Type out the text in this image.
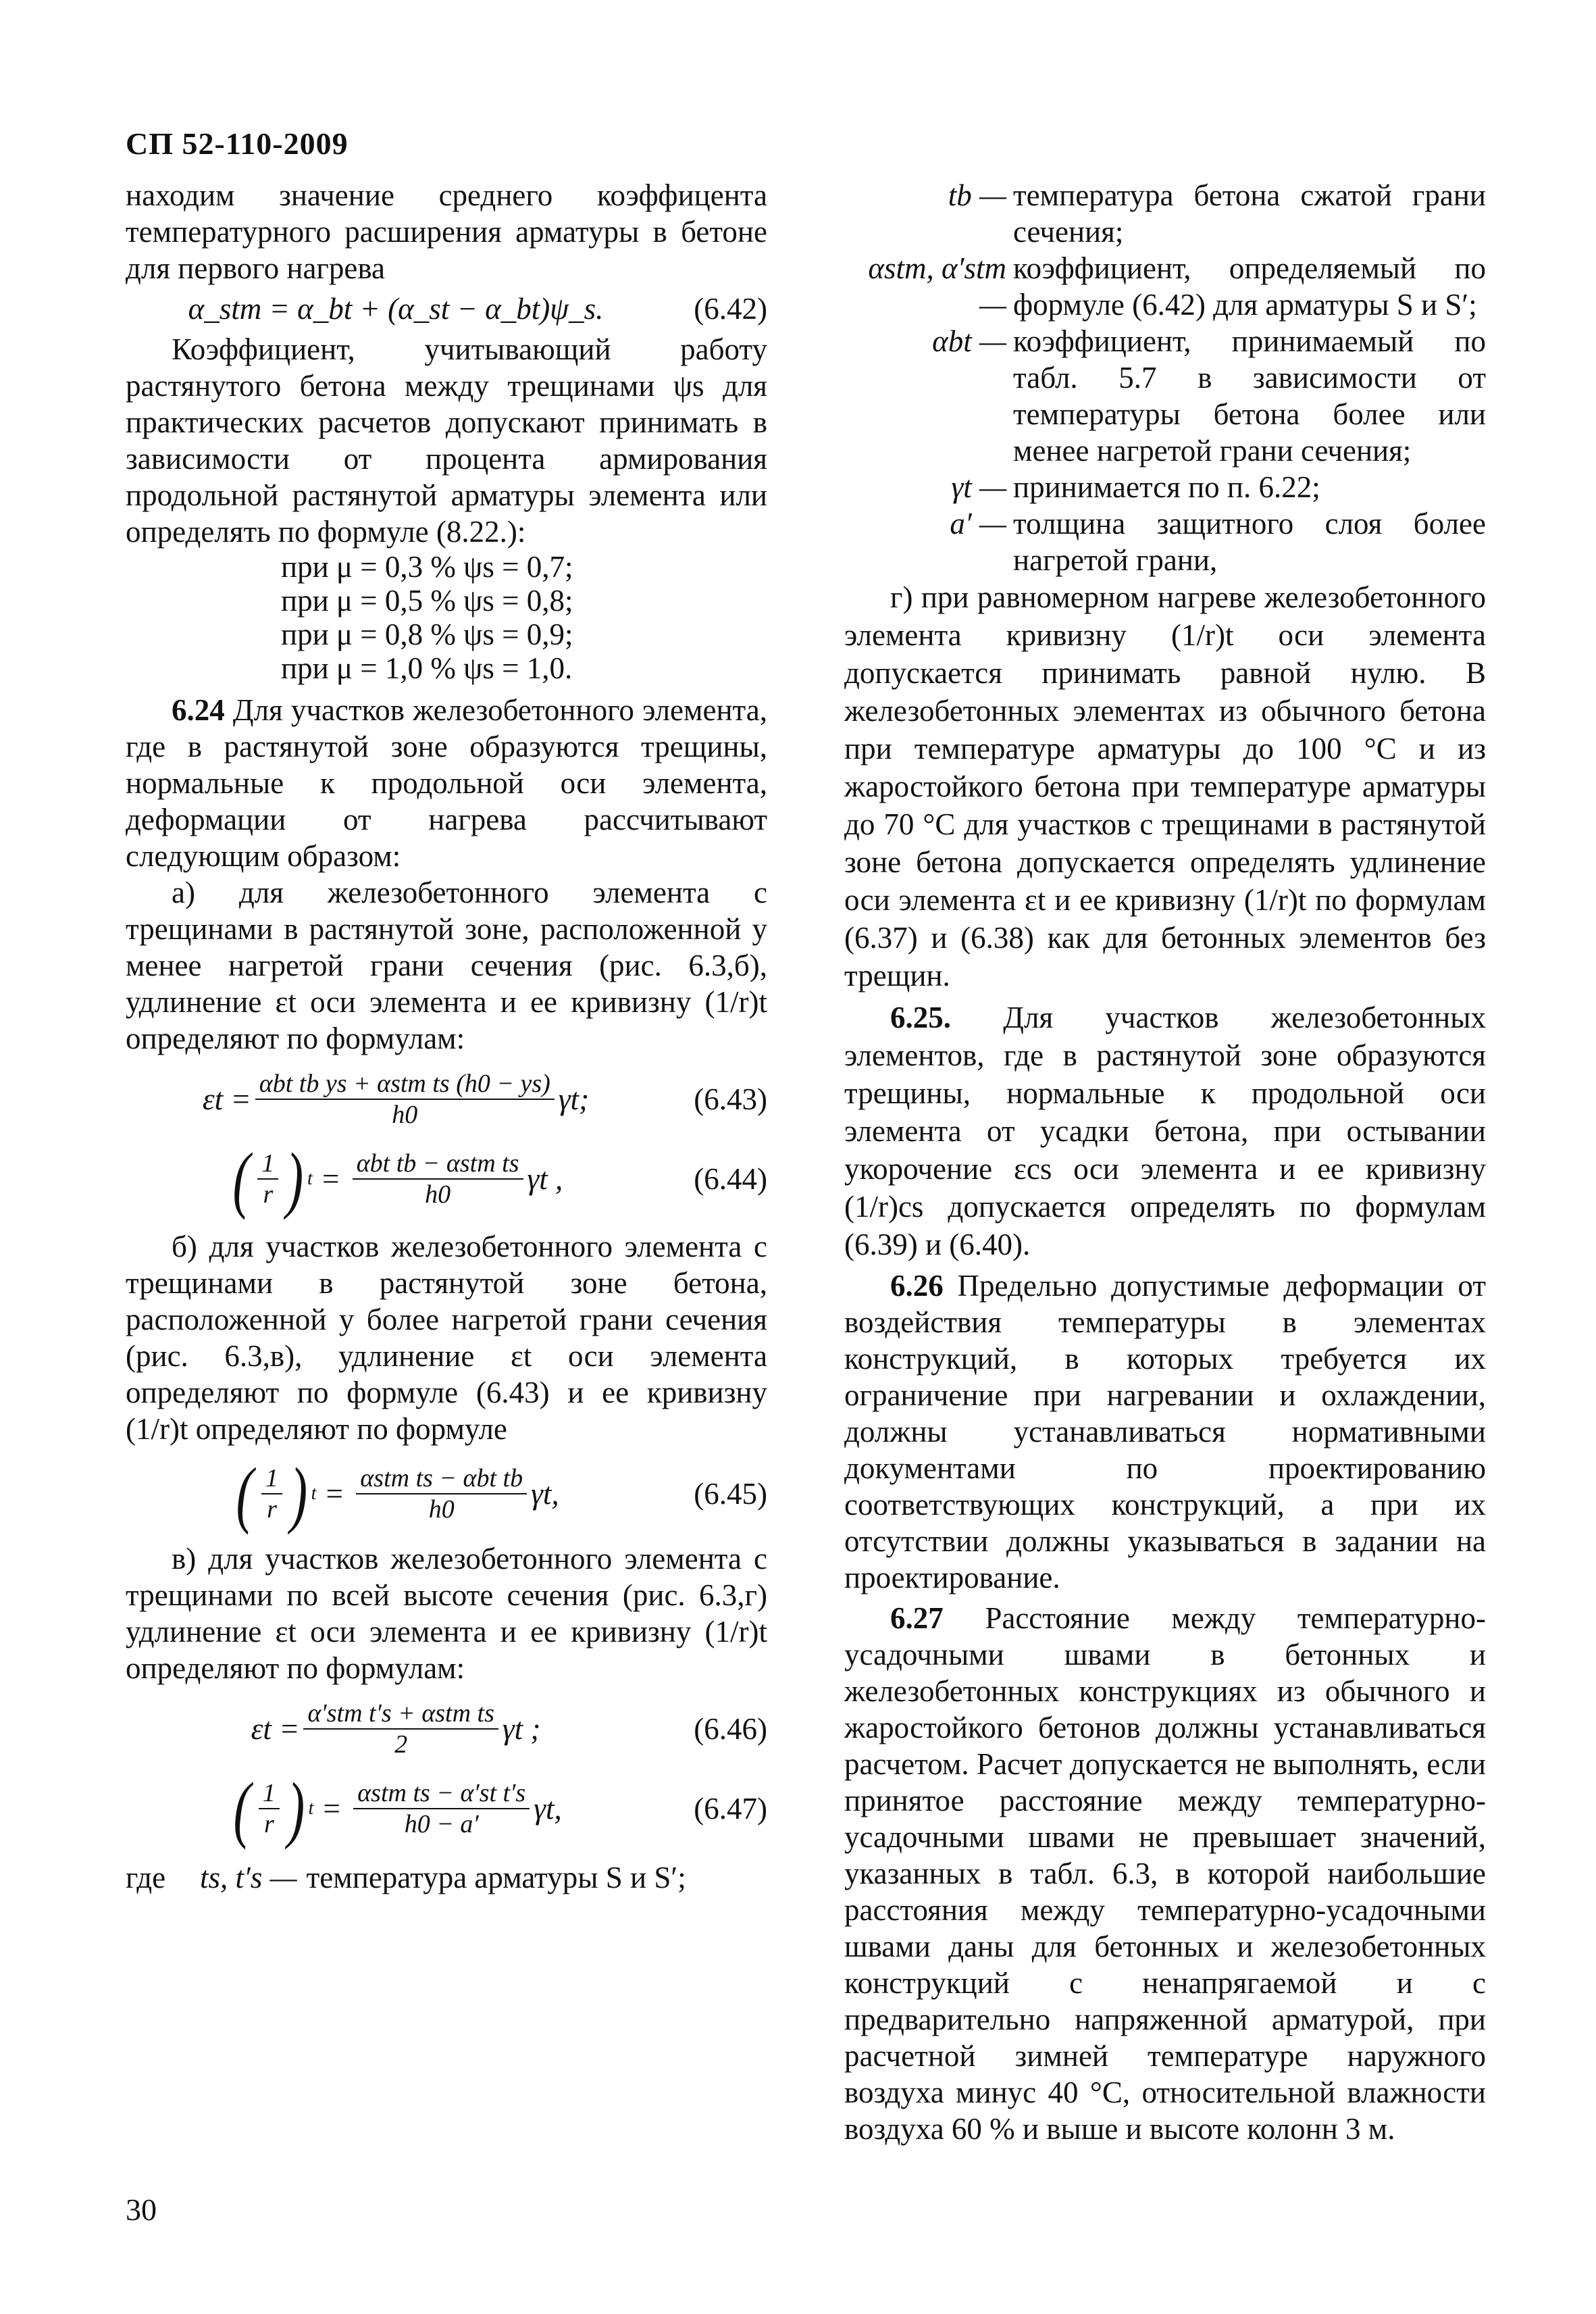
СП 52-110-2009

находим значение среднего коэффицента температурного расширения арматуры в бетоне для первого нагрева

α_stm = α_bt + (α_st − α_bt)ψ_s.	(6.42)

Коэффициент, учитывающий работу растянутого бетона между трещинами ψs для практических расчетов допускают принимать в зависимости от процента армирования продольной растянутой арматуры элемента или определять по формуле (8.22.):

при μ = 0,3 % ψs = 0,7;
при μ = 0,5 % ψs = 0,8;
при μ = 0,8 % ψs = 0,9;
при μ = 1,0 % ψs = 1,0.

6.24 Для участков железобетонного элемента, где в растянутой зоне образуются трещины, нормальные к продольной оси элемента, деформации от нагрева рассчитывают следующим образом:

а) для железобетонного элемента с трещинами в растянутой зоне, расположенной у менее нагретой грани сечения (рис. 6.3,б), удлинение εt оси элемента и ее кривизну (1/r)t определяют по формулам:

$\varepsilon t = \frac{\text{αbt tb ys + αstm ts (h0 − ys)}}{h0} \gamma t$;	(6.43)
( $\frac{1}{r}$ ) $t = \frac{\text{αbt tb − αstm ts}}{h0}$ γt ,	(6.44)

б) для участков железобетонного элемента с трещинами в растянутой зоне бетона, расположенной у более нагретой грани сечения (рис. 6.3,в), удлинение εt оси элемента определяют по формуле (6.43) и ее кривизну (1/r)t определяют по формуле

( $\frac{1}{r}$ ) $t = \frac{\text{αstm ts − αbt tb}}{h0} \gamma t$,	(6.45)

в) для участков железобетонного элемента с трещинами по всей высоте сечения (рис. 6.3,г) удлинение εt оси элемента и ее кривизну (1/r)t определяют по формулам:

$\varepsilon t = \frac{\text{α′stm t′s + αstm ts}}{2}$ γt ;	(6.46)
( $\frac{1}{r}$ ) $t = \frac{\text{αstm ts − α′st t′s}}{h0 - a'} \gamma t$,	(6.47)
где	ts, t′s — температура арматуры S и S′;
tb — температура бетона сжатой грани сечения;
αstm, α′stm —
коэффициент, определяемый по формуле (6.42) для арматуры S и S′;
αbt — коэффициент, принимаемый по табл. 5.7 в зависимости от температуры бетона более или менее нагретой грани сечения;
γt — принимается по п. 6.22;
a′ — толщина защитного слоя более нагретой грани,

г) при равномерном нагреве железобетонного элемента кривизну (1/r)t оси элемента допускается принимать равной нулю. В железобетонных элементах из обычного бетона при температуре арматуры до 100 °С и из жаростойкого бетона при температуре арматуры до 70 °С для участков с трещинами в растянутой зоне бетона допускается определять удлинение оси элемента εt и ее кривизну (1/r)t по формулам (6.37) и (6.38) как для бетонных элементов без трещин.

6.25. Для участков железобетонных элементов, где в растянутой зоне образуются трещины, нормальные к продольной оси элемента от усадки бетона, при остывании укорочение εcs оси элемента и ее кривизну (1/r)cs допускается определять по формулам (6.39) и (6.40).

6.26 Предельно допустимые деформации от воздействия температуры в элементах конструкций, в которых требуется их ограничение при нагревании и охлаждении, должны устанавливаться нормативными документами по проектированию соответствующих конструкций, а при их отсутствии должны указываться в задании на проектирование.

6.27 Расстояние между температурно-усадочными швами в бетонных и железобетонных конструкциях из обычного и жаростойкого бетонов должны устанавливаться расчетом. Расчет допускается не выполнять, если принятое расстояние между температурно-усадочными швами не превышает значений, указанных в табл. 6.3, в которой наибольшие расстояния между температурно-усадочными швами даны для бетонных и железобетонных конструкций с ненапрягаемой и с предварительно напряженной арматурой, при расчетной зимней температуре наружного воздуха минус 40 °С, относительной влажности воздуха 60 % и выше и высоте колонн 3 м.

30
